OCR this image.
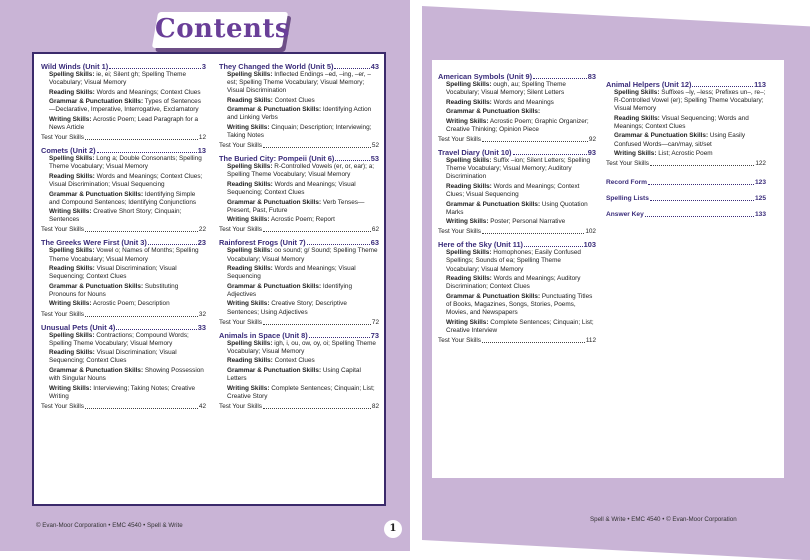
Contents
Wild Winds (Unit 1)	3
Spelling Skills: ie, ei; Silent gh; Spelling Theme Vocabulary; Visual Memory
Reading Skills: Words and Meanings; Context Clues
Grammar & Punctuation Skills: Types of Sentences—Declarative, Imperative, Interrogative, Exclamatory
Writing Skills: Acrostic Poem; Lead Paragraph for a News Article
Test Your Skills	12
Comets (Unit 2)	13
Spelling Skills: Long a; Double Consonants; Spelling Theme Vocabulary; Visual Memory
Reading Skills: Words and Meanings; Context Clues; Visual Discrimination; Visual Sequencing
Grammar & Punctuation Skills: Identifying Simple and Compound Sentences; Identifying Conjunctions
Writing Skills: Creative Short Story; Cinquain; Sentences
Test Your Skills	22
The Greeks Were First (Unit 3)	23
Spelling Skills: Vowel o; Names of Months; Spelling Theme Vocabulary; Visual Memory
Reading Skills: Visual Discrimination; Visual Sequencing; Context Clues
Grammar & Punctuation Skills: Substituting Pronouns for Nouns
Writing Skills: Acrostic Poem; Description
Test Your Skills	32
Unusual Pets (Unit 4)	33
Spelling Skills: Contractions; Compound Words; Spelling Theme Vocabulary; Visual Memory
Reading Skills: Visual Discrimination; Visual Sequencing; Context Clues
Grammar & Punctuation Skills: Showing Possession with Singular Nouns
Writing Skills: Interviewing; Taking Notes; Creative Writing
Test Your Skills	42
They Changed the World (Unit 5)	43
Spelling Skills: Inflected Endings –ed, –ing, –er, –est; Spelling Theme Vocabulary; Visual Memory; Visual Discrimination
Reading Skills: Context Clues
Grammar & Punctuation Skills: Identifying Action and Linking Verbs
Writing Skills: Cinquain; Description; Interviewing; Taking Notes
Test Your Skills	52
The Buried City: Pompeii (Unit 6)	53
Spelling Skills: R-Controlled Vowels (er, or, ear); a; Spelling Theme Vocabulary; Visual Memory
Reading Skills: Words and Meanings; Visual Sequencing; Context Clues
Grammar & Punctuation Skills: Verb Tenses—Present, Past, Future
Writing Skills: Acrostic Poem; Report
Test Your Skills	62
Rainforest Frogs (Unit 7)	63
Spelling Skills: oo sound; g/ Sound; Spelling Theme Vocabulary; Visual Memory
Reading Skills: Words and Meanings; Visual Sequencing
Grammar & Punctuation Skills: Identifying Adjectives
Writing Skills: Creative Story; Descriptive Sentences; Using Adjectives
Test Your Skills	72
Animals in Space (Unit 8)	73
Spelling Skills: igh, i, ou, ow, oy, oi; Spelling Theme Vocabulary; Visual Memory
Reading Skills: Context Clues
Grammar & Punctuation Skills: Using Capital Letters
Writing Skills: Complete Sentences; Cinquain; List; Creative Story
Test Your Skills	82
American Symbols (Unit 9)	83
Spelling Skills: ough, au; Spelling Theme Vocabulary; Visual Memory; Silent Letters
Reading Skills: Words and Meanings
Grammar & Punctuation Skills:
Writing Skills: Acrostic Poem; Graphic Organizer; Creative Thinking; Opinion Piece
Test Your Skills	92
Travel Diary (Unit 10)	93
Spelling Skills: Suffix –ion; Silent Letters; Spelling Theme Vocabulary; Visual Memory; Auditory Discrimination
Reading Skills: Words and Meanings; Context Clues; Visual Sequencing
Grammar & Punctuation Skills: Using Quotation Marks
Writing Skills: Poster; Personal Narrative
Test Your Skills	102
Here of the Sky (Unit 11)	103
Spelling Skills: Homophones; Easily Confused Spellings; Sounds of ea; Spelling Theme Vocabulary; Visual Memory
Reading Skills: Words and Meanings; Auditory Discrimination; Context Clues
Grammar & Punctuation Skills: Punctuating Titles of Books, Magazines, Songs, Stories, Poems, Movies, and Newspapers
Writing Skills: Complete Sentences; Cinquain; List; Creative Interview
Test Your Skills	112
Animal Helpers (Unit 12)	113
Spelling Skills: Suffixes –ly, –less; Prefixes un–, re–; R-Controlled Vowel (er); Spelling Theme Vocabulary; Visual Memory
Reading Skills: Visual Sequencing; Words and Meanings; Context Clues
Grammar & Punctuation Skills: Using Easily Confused Words—can/may, sit/set
Writing Skills: List; Acrostic Poem
Test Your Skills	122
Record Form	123
Spelling Lists	125
Answer Key	133
© Evan-Moor Corporation • EMC 4540 • Spell & Write	1
Spell & Write • EMC 4540 • © Evan-Moor Corporation
